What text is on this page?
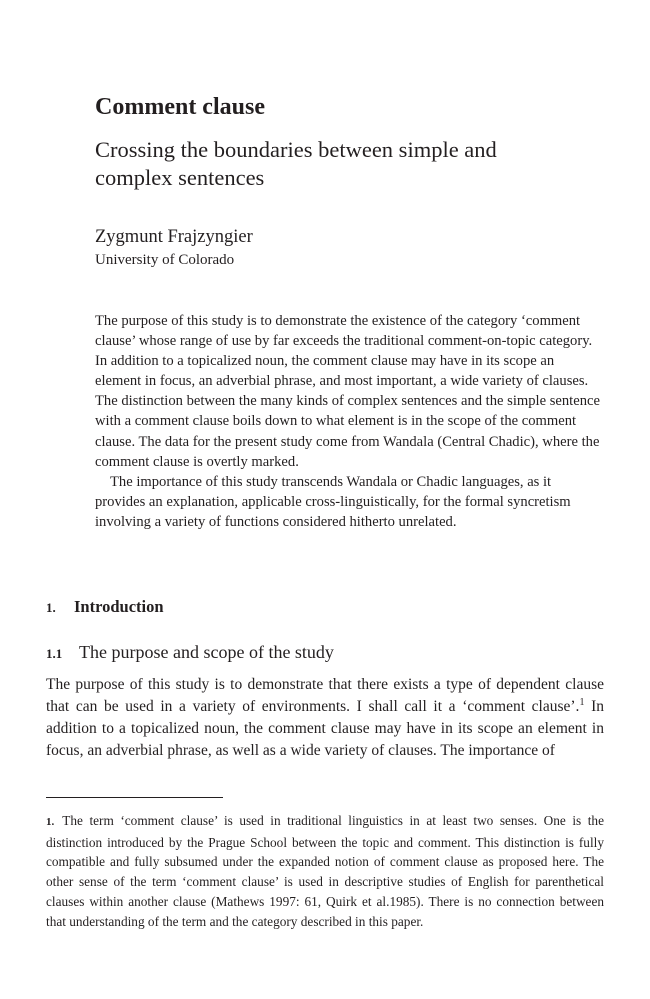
Comment clause
Crossing the boundaries between simple and complex sentences
Zygmunt Frajzyngier
University of Colorado

The purpose of this study is to demonstrate the existence of the category ‘comment clause’ whose range of use by far exceeds the traditional comment-on-topic category. In addition to a topicalized noun, the comment clause may have in its scope an element in focus, an adverbial phrase, and most important, a wide variety of clauses. The distinction between the many kinds of complex sentences and the simple sentence with a comment clause boils down to what element is in the scope of the comment clause. The data for the present study come from Wandala (Central Chadic), where the comment clause is overtly marked.

The importance of this study transcends Wandala or Chadic languages, as it provides an explanation, applicable cross-linguistically, for the formal syncretism involving a variety of functions considered hitherto unrelated.

1. Introduction
1.1 The purpose and scope of the study

The purpose of this study is to demonstrate that there exists a type of dependent clause that can be used in a variety of environments. I shall call it a ‘comment clause’.$^1$ In addition to a topicalized noun, the comment clause may have in its scope an element in focus, an adverbial phrase, as well as a wide variety of clauses. The importance of

1. The term ‘comment clause’ is used in traditional linguistics in at least two senses. One is the distinction introduced by the Prague School between the topic and comment. This distinction is fully compatible and fully subsumed under the expanded notion of comment clause as proposed here. The other sense of the term ‘comment clause’ is used in descriptive studies of English for parenthetical clauses within another clause (Mathews 1997: 61, Quirk et al.1985). There is no connection between that understanding of the term and the category described in this paper.
